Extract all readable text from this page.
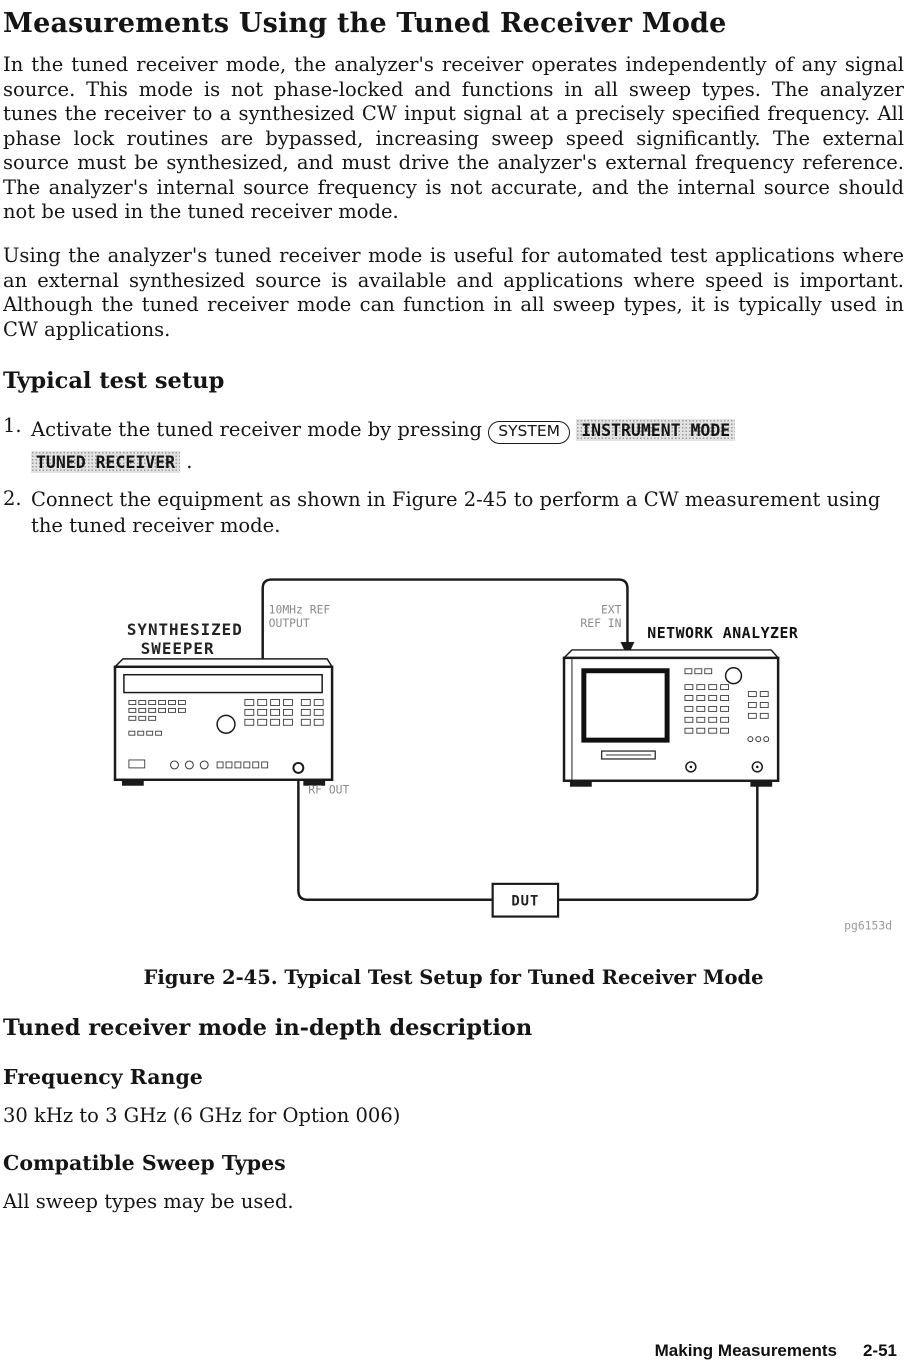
Measurements Using the Tuned Receiver Mode

In the tuned receiver mode, the analyzer's receiver operates independently of any signal source. This mode is not phase-locked and functions in all sweep types. The analyzer tunes the receiver to a synthesized CW input signal at a precisely specified frequency. All phase lock routines are bypassed, increasing sweep speed significantly. The external source must be synthesized, and must drive the analyzer's external frequency reference. The analyzer's internal source frequency is not accurate, and the internal source should not be used in the tuned receiver mode.

Using the analyzer's tuned receiver mode is useful for automated test applications where an external synthesized source is available and applications where speed is important. Although the tuned receiver mode can function in all sweep types, it is typically used in CW applications.

Typical test setup
1. Activate the tuned receiver mode by pressing SYSTEM INSTRUMENT MODE
TUNED RECEIVER .
2. Connect the equipment as shown in Figure 2-45 to perform a CW measurement using the tuned receiver mode.
DUT
SYNTHESIZED
SWEEPER
NETWORK ANALYZER
10MHz REF
OUTPUT
EXT
REF IN
RF OUT
pg6153d
Figure 2-45. Typical Test Setup for Tuned Receiver Mode
Tuned receiver mode in-depth description
Frequency Range

30 kHz to 3 GHz (6 GHz for Option 006)

Compatible Sweep Types

All sweep types may be used.

Making Measurements 2-51
